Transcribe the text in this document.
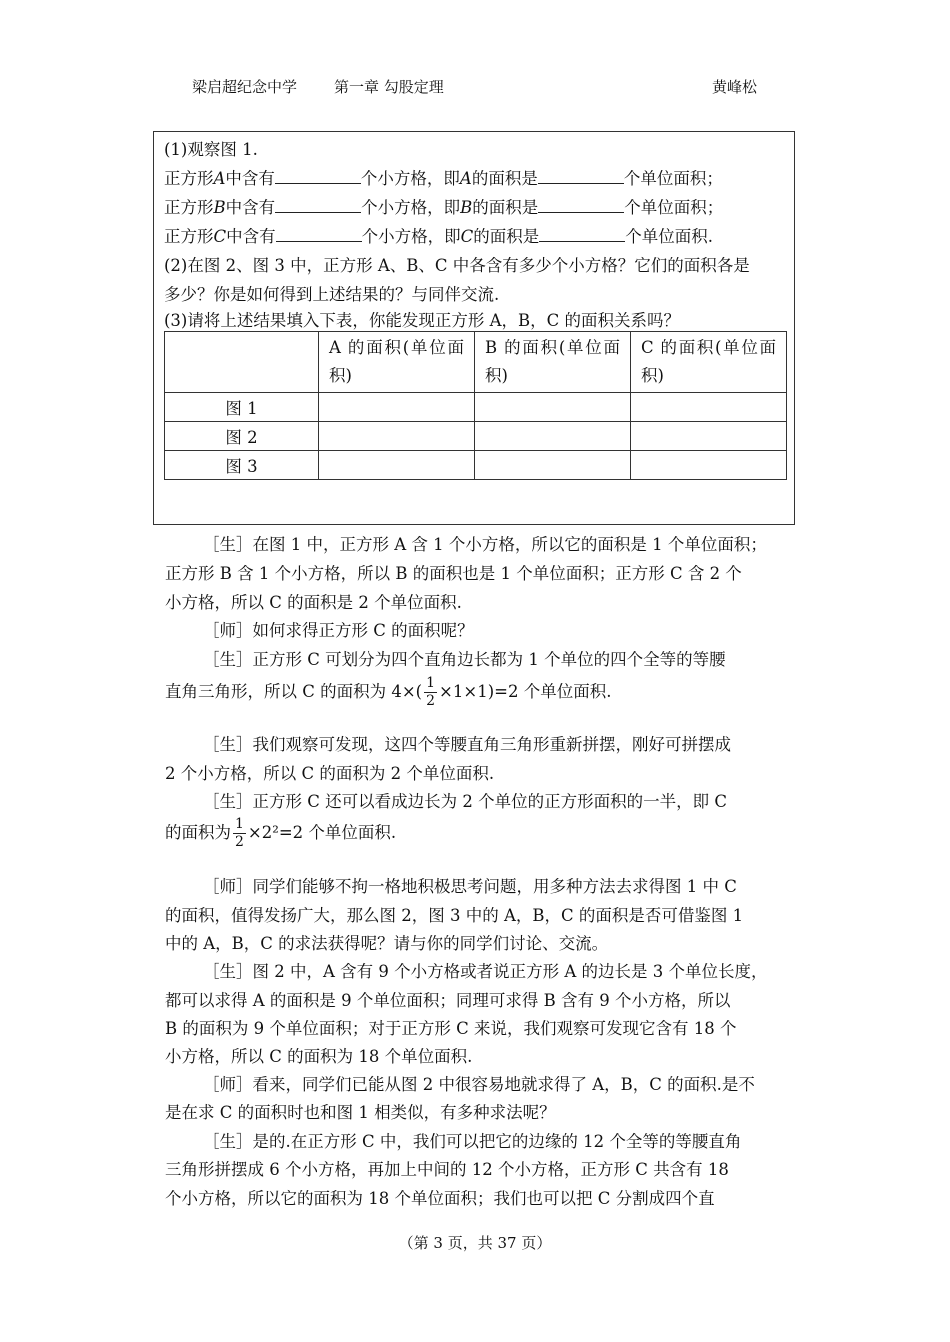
梁启超纪念中学 第一章 勾股定理	黄峰松
(1)观察图 1.
正方形A中含有	个小方格，即A的面积是	个单位面积；
正方形B中含有	个小方格，即B的面积是	个单位面积；
正方形C中含有	个小方格，即C的面积是	个单位面积.
(2)在图 2、图 3 中，正方形 A、B、C 中各含有多少个小方格？它们的面积各是
多少？你是如何得到上述结果的？与同伴交流.
(3)请将上述结果填入下表，你能发现正方形 A，B，C 的面积关系吗？
	A 的面积(单位面积)	B 的面积(单位面积)	C 的面积(单位面积)
图 1			
图 2			
图 3			
［生］在图 1 中，正方形 A 含 1 个小方格，所以它的面积是 1 个单位面积；
正方形 B 含 1 个小方格，所以 B 的面积也是 1 个单位面积；正方形 C 含 2 个
小方格，所以 C 的面积是 2 个单位面积.
［师］如何求得正方形 C 的面积呢？
［生］正方形 C 可划分为四个直角边长都为 1 个单位的四个全等的等腰
直角三角形，所以 C 的面积为 $4\times( \frac{1}{2} \times 1\times 1)=2$ 个单位面积.
［生］我们观察可发现，这四个等腰直角三角形重新拼摆，刚好可拼摆成
2 个小方格，所以 C 的面积为 2 个单位面积.
［生］正方形 C 还可以看成边长为 2 个单位的正方形面积的一半，即 C
的面积为 $\frac{1}{2} \times 2^2=2$ 个单位面积.
［师］同学们能够不拘一格地积极思考问题，用多种方法去求得图 1 中 C
的面积，值得发扬广大，那么图 2，图 3 中的 A，B，C 的面积是否可借鉴图 1
中的 A，B，C 的求法获得呢？请与你的同学们讨论、交流。
［生］图 2 中，A 含有 9 个小方格或者说正方形 A 的边长是 3 个单位长度，
都可以求得 A 的面积是 9 个单位面积；同理可求得 B 含有 9 个小方格，所以
B 的面积为 9 个单位面积；对于正方形 C 来说，我们观察可发现它含有 18 个
小方格，所以 C 的面积为 18 个单位面积.
［师］看来，同学们已能从图 2 中很容易地就求得了 A，B，C 的面积.是不
是在求 C 的面积时也和图 1 相类似，有多种求法呢？
［生］是的.在正方形 C 中，我们可以把它的边缘的 12 个全等的等腰直角
三角形拼摆成 6 个小方格，再加上中间的 12 个小方格，正方形 C 共含有 18
个小方格，所以它的面积为 18 个单位面积；我们也可以把 C 分割成四个直
（第 3 页，共 37 页）
